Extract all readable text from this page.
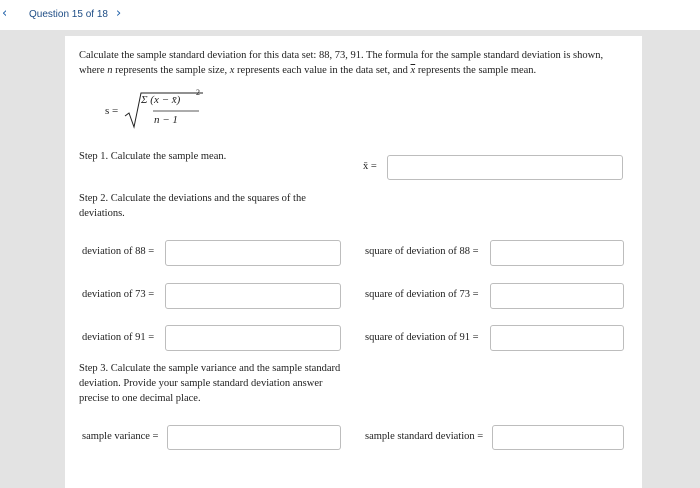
‹ Question 15 of 18 ›
Calculate the sample standard deviation for this data set: 88, 73, 91. The formula for the sample standard deviation is shown, where n represents the sample size, x represents each value in the data set, and $\overline{x}$ represents the sample mean.
s =
Σ (x − x̄)
2
n − 1
Step 1. Calculate the sample mean.
x̄ =
Step 2. Calculate the deviations and the squares of the deviations.
deviation of 88 =	square of deviation of 88 =
deviation of 73 =	square of deviation of 73 =
deviation of 91 =	square of deviation of 91 =
Step 3. Calculate the sample variance and the sample standard deviation. Provide your sample standard deviation answer precise to one decimal place.
sample variance =	sample standard deviation =
